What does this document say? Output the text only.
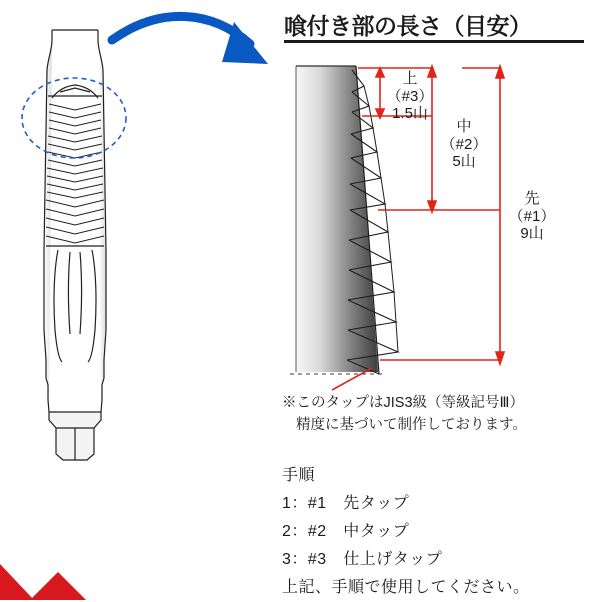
喰付き部の長さ（目安）
上
（#3）
1.5山
中
（#2）
5山
先
（#1）
9山
※このタップはJIS3級（等級記号Ⅲ）
精度に基づいて制作しております。
手順
1：#1　先タップ
2：#2　中タップ
3：#3　仕上げタップ
上記、手順で使用してください。
